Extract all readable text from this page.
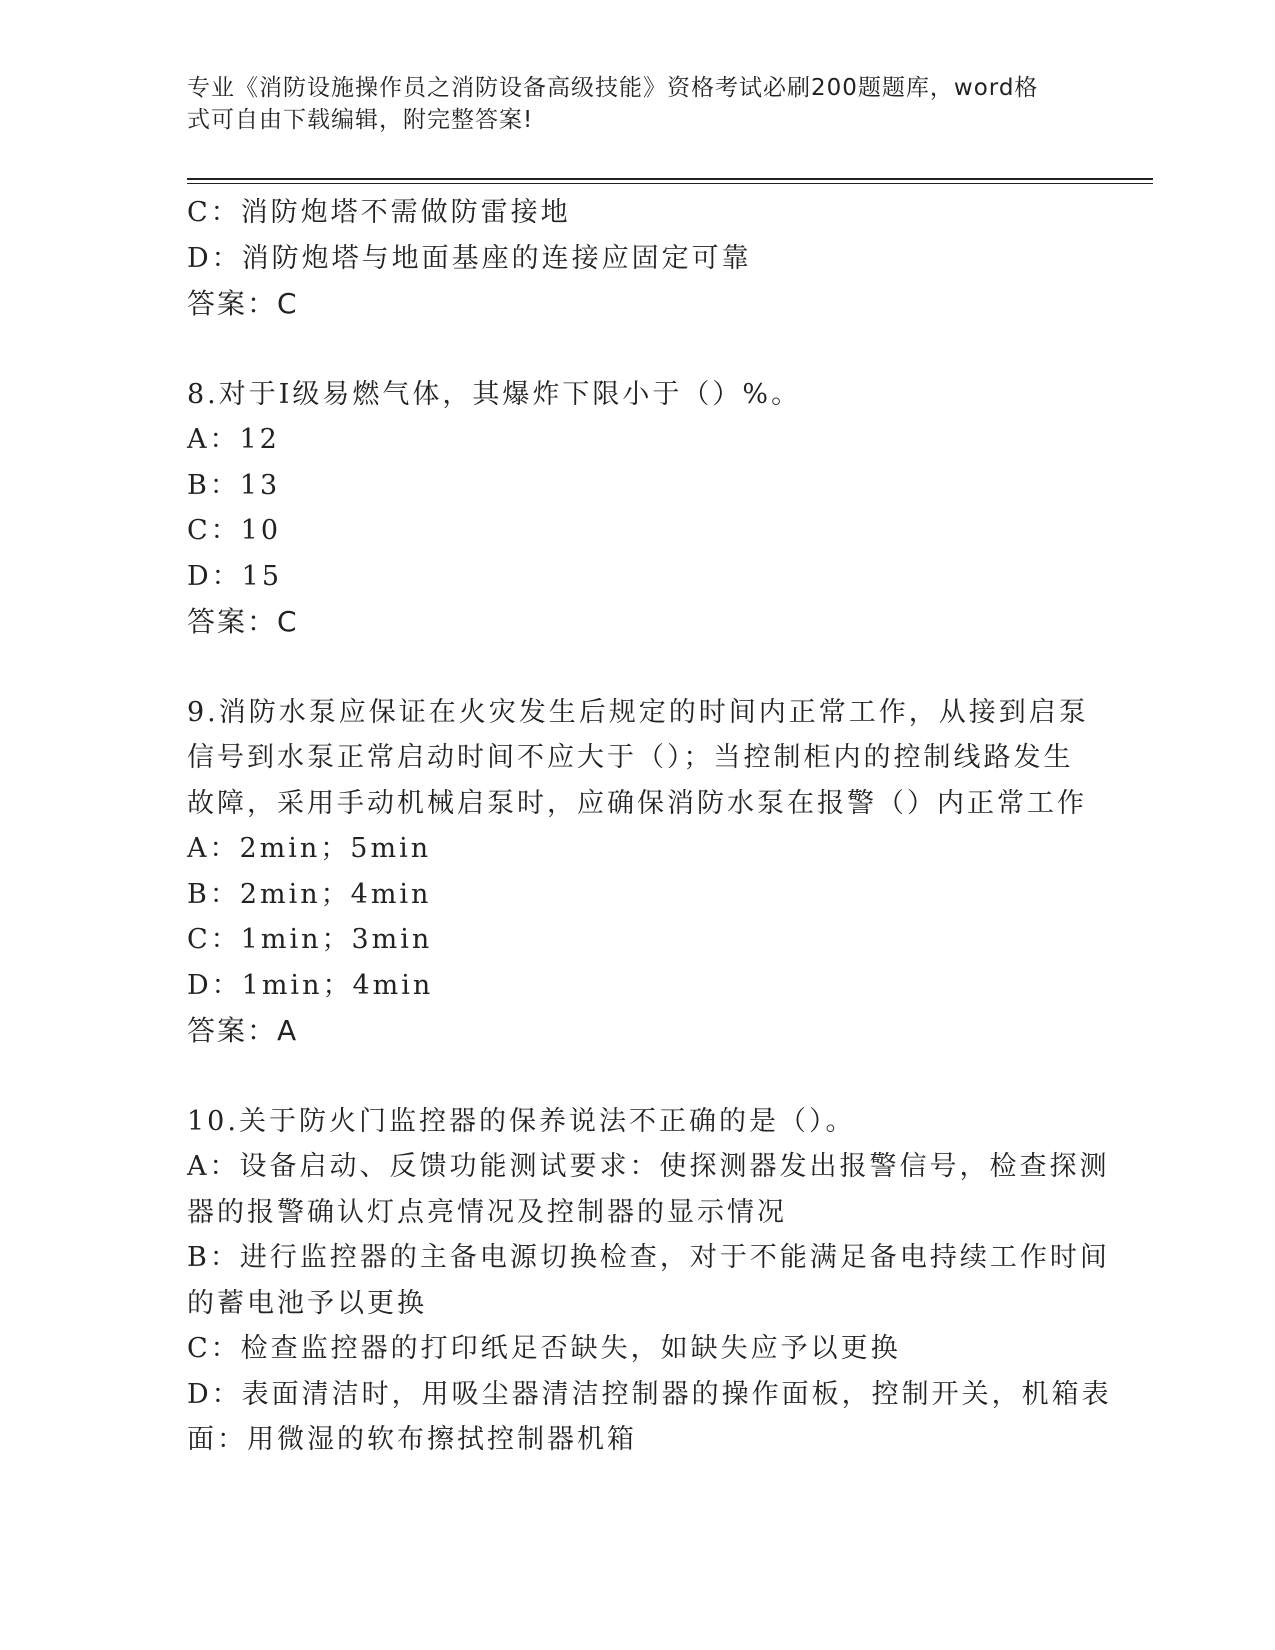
专业《消防设施操作员之消防设备高级技能》资格考试必刷200题题库，word格
式可自由下载编辑，附完整答案!
C：消防炮塔不需做防雷接地
D：消防炮塔与地面基座的连接应固定可靠
答案：C
8.对于Ⅰ级易燃气体，其爆炸下限小于（）%。
A：12
B：13
C：10
D：15
答案：C
9.消防水泵应保证在火灾发生后规定的时间内正常工作，从接到启泵
信号到水泵正常启动时间不应大于（）；当控制柜内的控制线路发生
故障，采用手动机械启泵时，应确保消防水泵在报警（）内正常工作
A：2min；5min
B：2min；4min
C：1min；3min
D：1min；4min
答案：A
10.关于防火门监控器的保养说法不正确的是（）。
A：设备启动、反馈功能测试要求：使探测器发出报警信号，检查探测
器的报警确认灯点亮情况及控制器的显示情况
B：进行监控器的主备电源切换检查，对于不能满足备电持续工作时间
的蓄电池予以更换
C：检查监控器的打印纸足否缺失，如缺失应予以更换
D：表面清洁时，用吸尘器清洁控制器的操作面板，控制开关，机箱表
面：用微湿的软布擦拭控制器机箱
